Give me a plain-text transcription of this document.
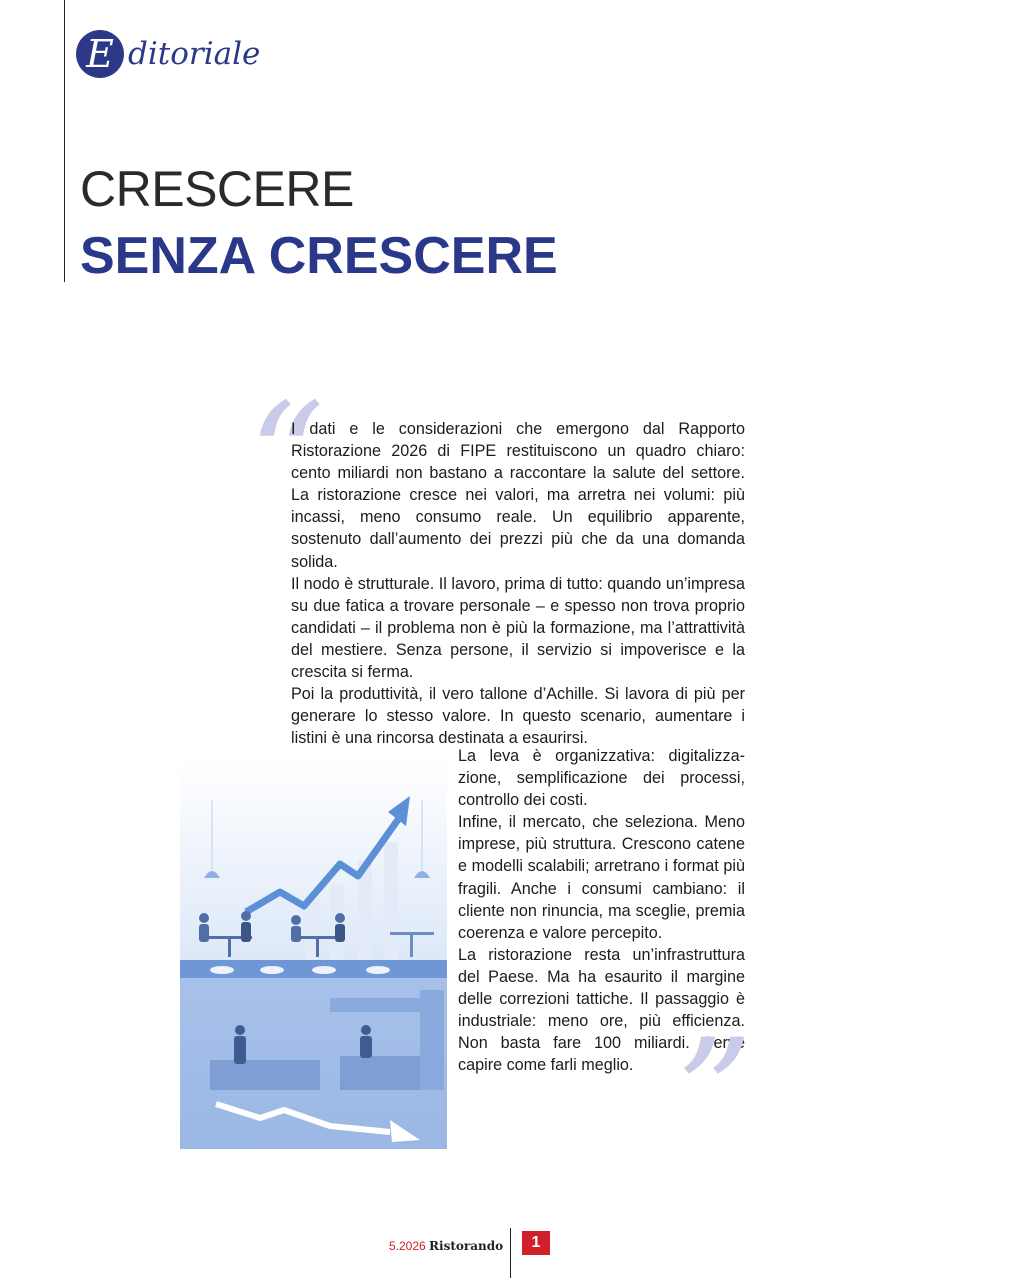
E ditoriale
CRESCERE
SENZA CRESCERE
“

I dati e le considerazioni che emergono dal Rapporto Ristorazione 2026 di FIPE restituiscono un quadro chiaro: cento miliardi non bastano a raccontare la salute del settore. La ristorazione cresce nei valori, ma arretra nei volumi: più incassi, meno consumo reale. Un equilibrio apparente, sostenuto dall’aumento dei prezzi più che da una domanda solida.

Il nodo è strutturale. Il lavoro, prima di tutto: quando un’impresa su due fatica a trovare personale – e spesso non trova proprio candidati – il problema non è più la formazione, ma l’attrattività del mestiere. Senza persone, il servizio si impoverisce e la crescita si ferma.

Poi la produttività, il vero tallone d’Achille. Si lavora di più per generare lo stesso valore. In questo scenario, aumentare i listini è una rincorsa destinata a esaurirsi.

La leva è organizzativa: digitalizzazione, semplificazione dei processi, controllo dei costi.

Infine, il mercato, che seleziona. Meno imprese, più struttura. Crescono catene e modelli scalabili; arretrano i format più fragili. Anche i consumi cambiano: il cliente non rinuncia, ma sceglie, premia coerenza e valore percepito.

La ristorazione resta un’infrastruttura del Paese. Ma ha esaurito il margine delle correzioni tattiche. Il passaggio è industriale: meno ore, più efficienza. Non basta fare 100 miliardi. Serve capire come farli meglio. ”
5.2026 Ristorando	1
